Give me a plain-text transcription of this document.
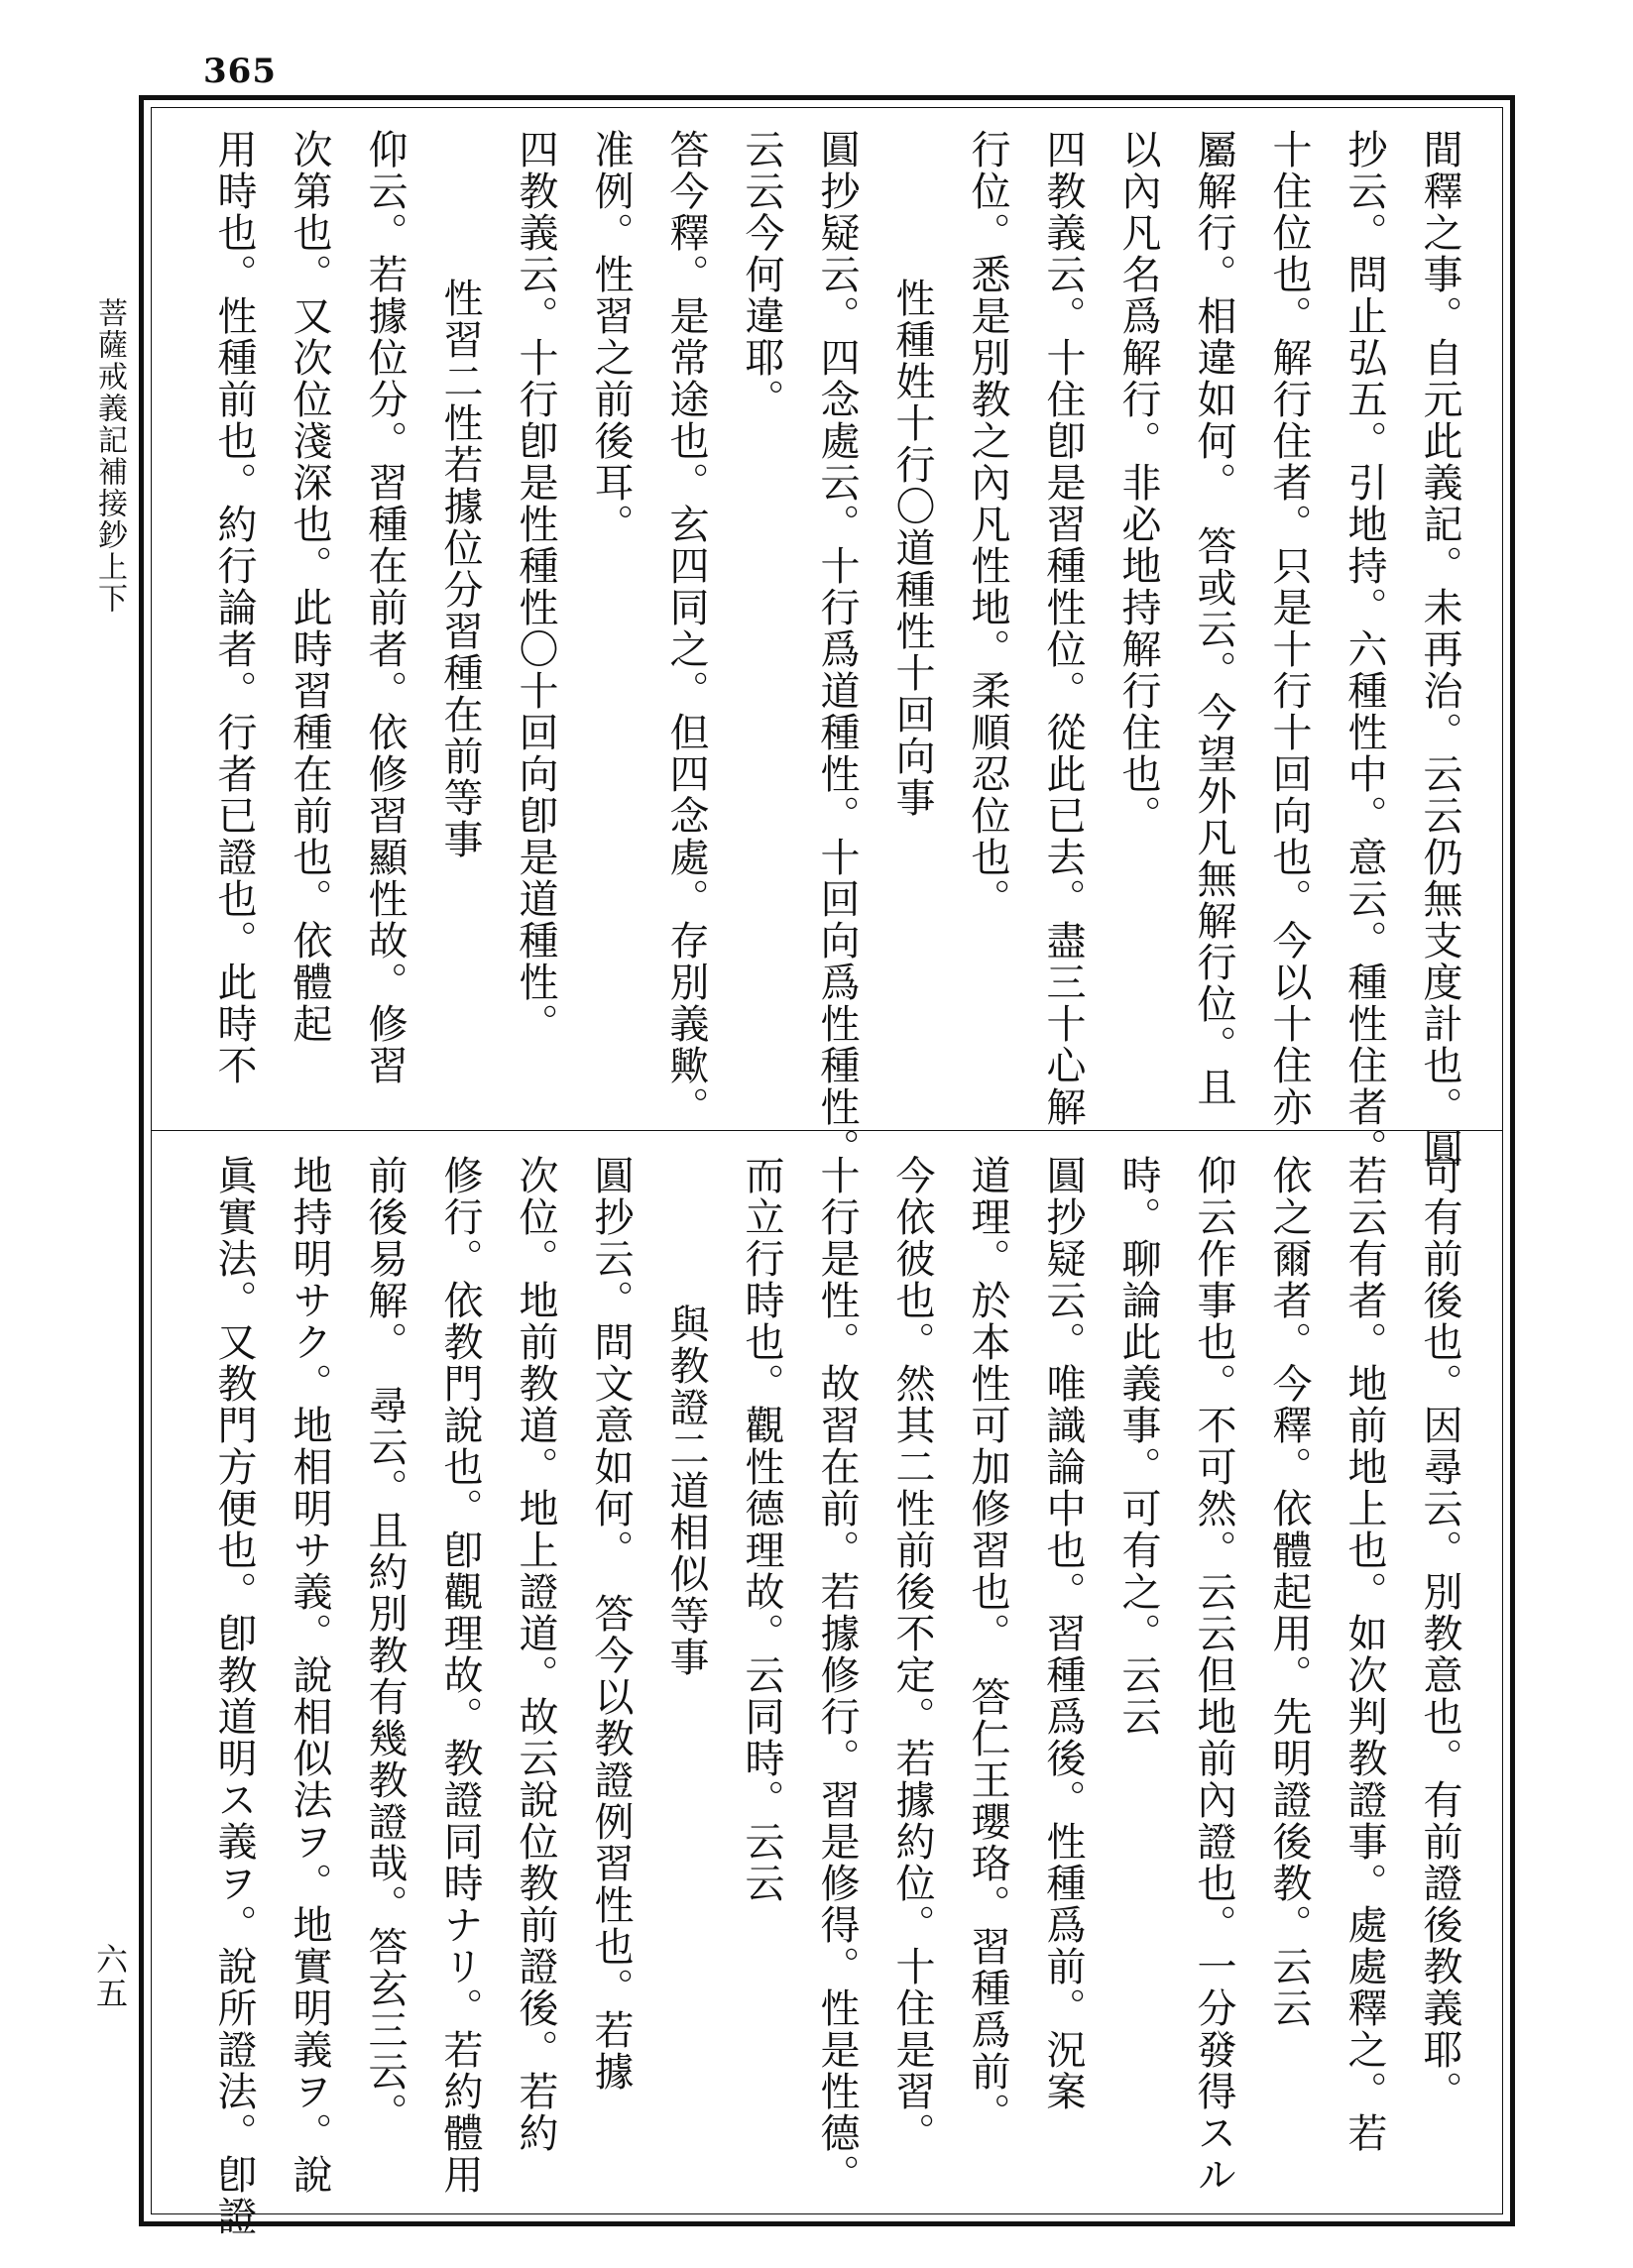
365
菩薩戒義記補接鈔上下
六五
間釋之事。自元此義記。未再治。云云仍無支度計也。圓
抄云。問止弘五。引地持。六種性中。意云。種性住者。
十住位也。解行住者。只是十行十回向也。今以十住亦
屬解行。相違如何。　答或云。今望外凡無解行位。且
以內凡名爲解行。非必地持解行住也。
四教義云。十住卽是習種性位。從此已去。盡三十心解
行位。悉是別教之內凡性地。柔順忍位也。
性種姓十行〇道種性十回向事
圓抄疑云。四念處云。十行爲道種性。十回向爲性種性。
云云今何違耶。
答今釋。是常途也。玄四同之。但四念處。存別義歟。
准例。性習之前後耳。
四教義云。十行卽是性種性〇十回向卽是道種性。
性習二性若據位分習種在前等事
仰云。若據位分。習種在前者。依修習顯性故。修習
次第也。又次位淺深也。此時習種在前也。依體起
用時也。性種前也。約行論者。行者已證也。此時不
可有前後也。因尋云。別教意也。有前證後教義耶。
若云有者。地前地上也。如次判教證事。處處釋之。若
依之爾者。今釋。依體起用。先明證後教。云云
仰云作事也。不可然。云云但地前內證也。一分發得スル
時。聊論此義事。可有之。云云
圓抄疑云。唯識論中也。習種爲後。性種爲前。況案
道理。於本性可加修習也。　答仁王瓔珞。習種爲前。
今依彼也。然其二性前後不定。若據約位。十住是習。
十行是性。故習在前。若據修行。習是修得。性是性德。
而立行時也。觀性德理故。云同時。云云
與教證二道相似等事
圓抄云。問文意如何。　答今以教證例習性也。若據
次位。地前教道。地上證道。故云說位教前證後。若約
修行。依教門說也。卽觀理故。教證同時ナリ。若約體用
前後易解。　尋云。且約別教有幾教證哉。答玄三云。
地持明サク。地相明サ義。說相似法ヲ。地實明義ヲ。說
眞實法。又教門方便也。卽教道明ス義ヲ。說所證法。卽證
